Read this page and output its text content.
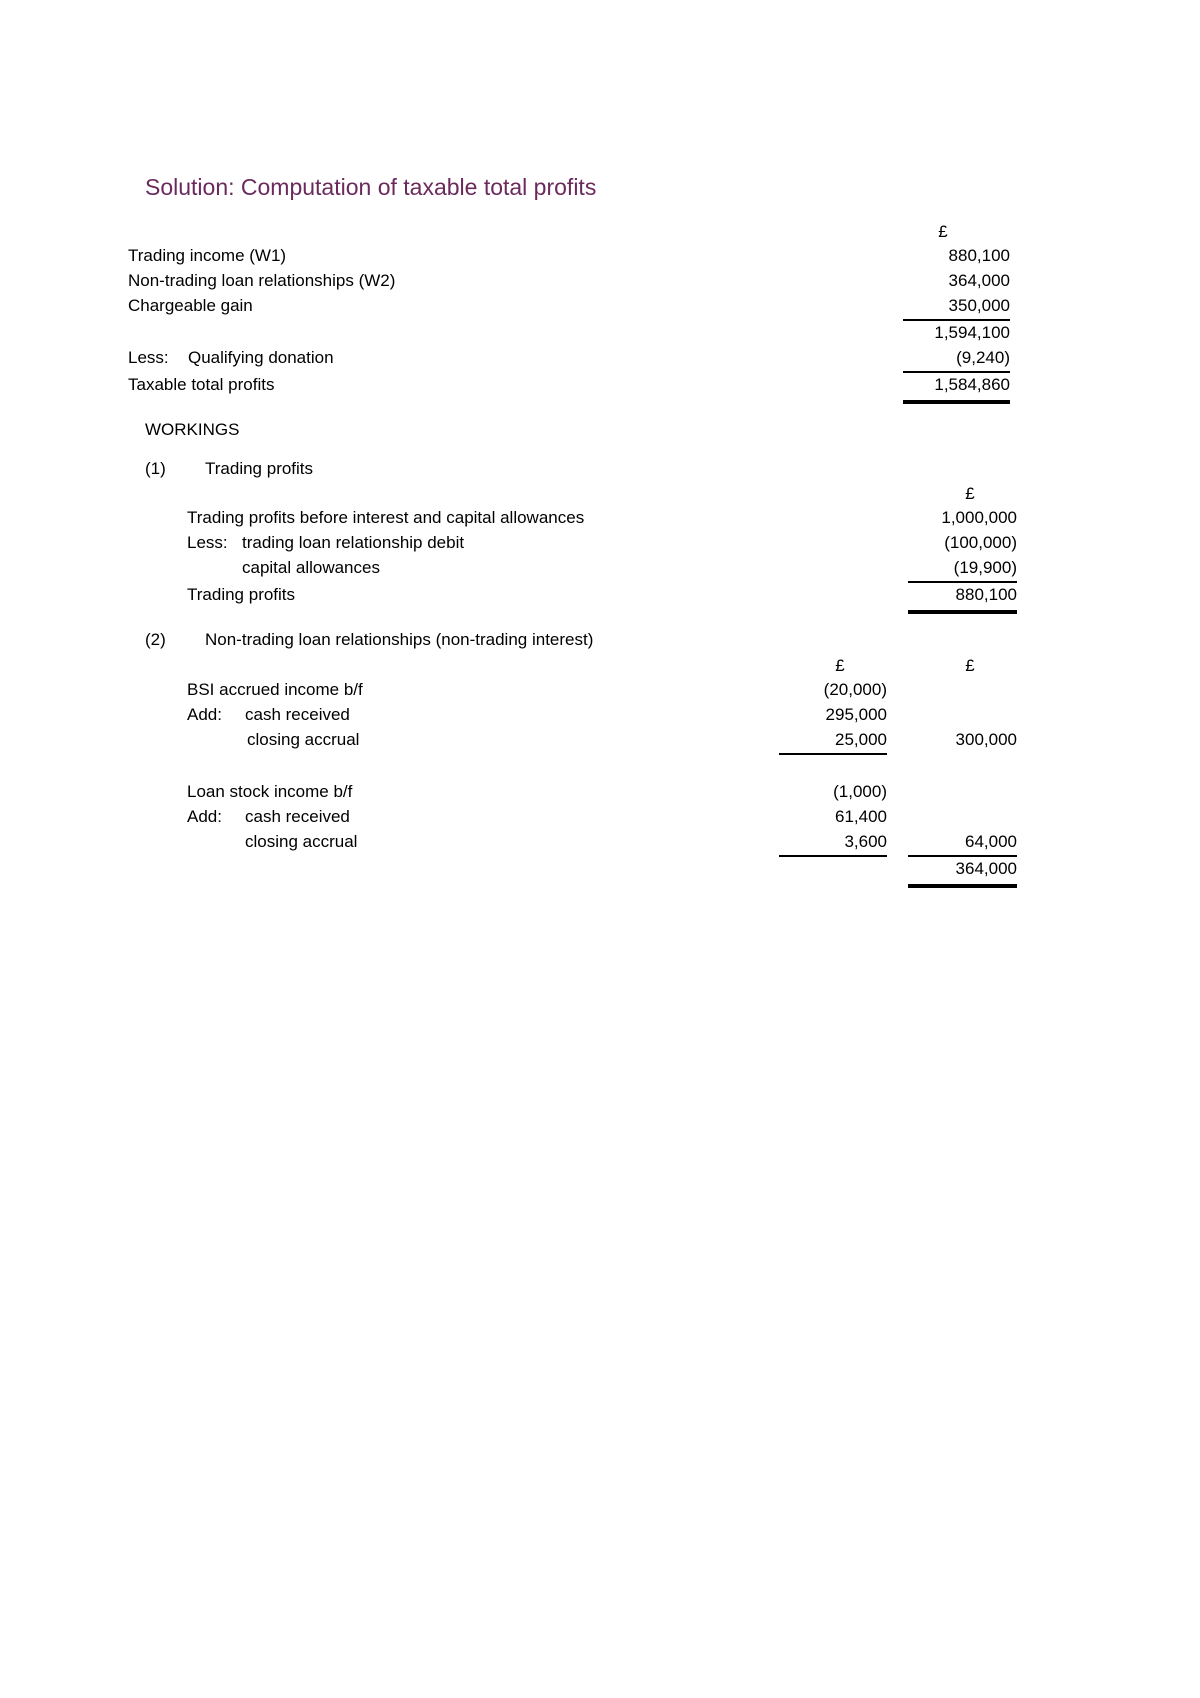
Solution: Computation of taxable total profits
£
Trading income (W1)	880,100
Non-trading loan relationships (W2)	364,000
Chargeable gain	350,000
1,594,100
Less: Qualifying donation	(9,240)
Taxable total profits	1,584,860
WORKINGS
(1) Trading profits
£
Trading profits before interest and capital allowances	1,000,000
Less: trading loan relationship debit	(100,000)
capital allowances	(19,900)
Trading profits	880,100
(2) Non-trading loan relationships (non-trading interest)
£	£
BSI accrued income b/f	(20,000)
Add: cash received	295,000
closing accrual	25,000	300,000
Loan stock income b/f	(1,000)
Add: cash received	61,400
closing accrual	3,600	64,000
364,000
